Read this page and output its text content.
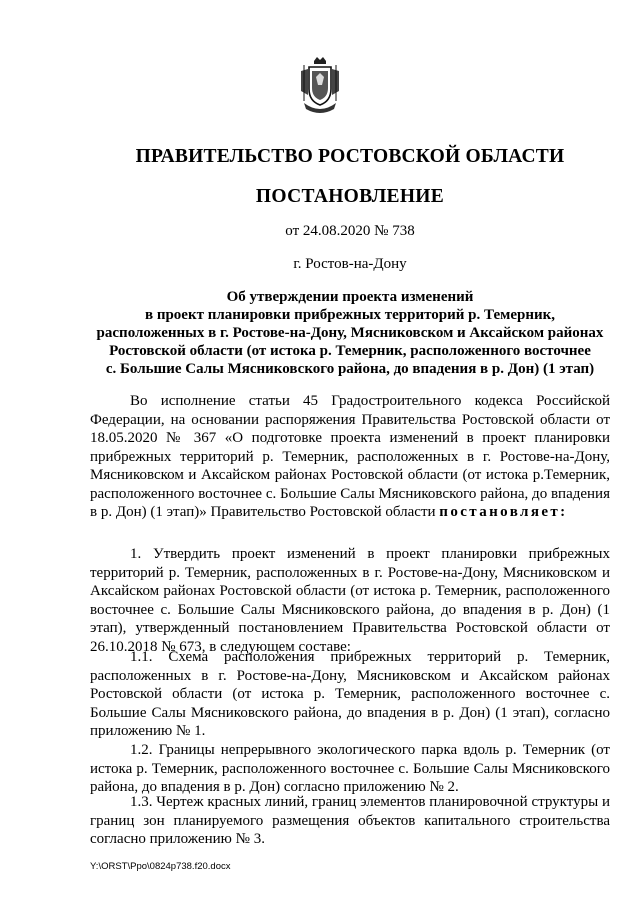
ПРАВИТЕЛЬСТВО РОСТОВСКОЙ ОБЛАСТИ
ПОСТАНОВЛЕНИЕ
от 24.08.2020 № 738
г. Ростов-на-Дону
Об утверждении проекта изменений
в проект планировки прибрежных территорий р. Темерник,
расположенных в г. Ростове-на-Дону, Мясниковском и Аксайском районах
Ростовской области (от истока р. Темерник, расположенного восточнее
с. Большие Салы Мясниковского района, до впадения в р. Дон) (1 этап)
Во исполнение статьи 45 Градостроительного кодекса Российской Федерации, на основании распоряжения Правительства Ростовской области от 18.05.2020 № 367 «О подготовке проекта изменений в проект планировки прибрежных территорий р. Темерник, расположенных в г. Ростове-на-Дону, Мясниковском и Аксайском районах Ростовской области (от истока р.Темерник, расположенного восточнее с. Большие Салы Мясниковского района, до впадения в р. Дон) (1 этап)» Правительство Ростовской области постановляет:
1. Утвердить проект изменений в проект планировки прибрежных территорий р. Темерник, расположенных в г. Ростове-на-Дону, Мясниковском и Аксайском районах Ростовской области (от истока р. Темерник, расположенного восточнее с. Большие Салы Мясниковского района, до впадения в р. Дон) (1 этап), утвержденный постановлением Правительства Ростовской области от 26.10.2018 № 673, в следующем составе:
1.1. Схема расположения прибрежных территорий р. Темерник, расположенных в г. Ростове-на-Дону, Мясниковском и Аксайском районах Ростовской области (от истока р. Темерник, расположенного восточнее с. Большие Салы Мясниковского района, до впадения в р. Дон) (1 этап), согласно приложению № 1.
1.2. Границы непрерывного экологического парка вдоль р. Темерник (от истока р. Темерник, расположенного восточнее с. Большие Салы Мясниковского района, до впадения в р. Дон) согласно приложению № 2.
1.3. Чертеж красных линий, границ элементов планировочной структуры и границ зон планируемого размещения объектов капитального строительства согласно приложению № 3.
Y:\ORST\Ppo\0824p738.f20.docx
